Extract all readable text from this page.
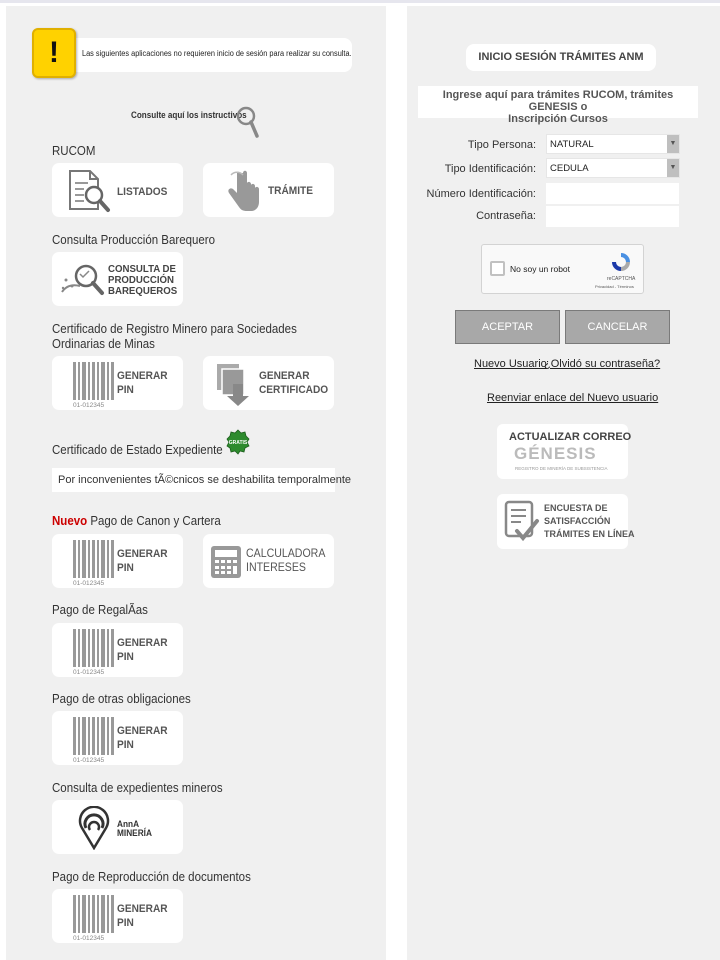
!	Las siguientes aplicaciones no requieren inicio de sesión para realizar su consulta.
Consulte aquí los instructivos
RUCOM
LISTADOS	TRÁMITE
Consulta Producción Barequero
CONSULTA DE
PRODUCCIÓN
BAREQUEROS
Certificado de Registro Minero para Sociedades
Ordinarias de Minas
01-012345
GENERAR
PIN
GENERAR
CERTIFICADO
Certificado de Estado Expediente GRATIS
Por inconvenientes tÃ©cnicos se deshabilita temporalmente
Nuevo Pago de Canon y Cartera
01-012345
GENERAR
PIN
CALCULADORA
INTERESES
Pago de RegalÃas
01-012345
GENERAR
PIN
Pago de otras obligaciones
01-012345
GENERAR
PIN
Consulta de expedientes mineros
AnnA
MINERÍA
Pago de Reproducción de documentos
01-012345
GENERAR
PIN
INICIO SESIÓN TRÁMITES ANM
Ingrese aquí para trámites RUCOM, trámites GENESIS o
Inscripción Cursos
Tipo Persona:	NATURAL	▼
Tipo Identificación:	CEDULA	▼
Número Identificación:
Contraseña:
No soy un robot
reCAPTCHA
Privacidad - Términos
ACEPTAR	CANCELAR
Nuevo Usuario
¿Olvidó su contraseña?
Reenviar enlace del Nuevo usuario
ACTUALIZAR CORREO
GÉNESIS
REGISTRO DE MINERÍA DE SUBSISTENCIA
ENCUESTA DE
SATISFACCIÓN
TRÁMITES EN LÍNEA
